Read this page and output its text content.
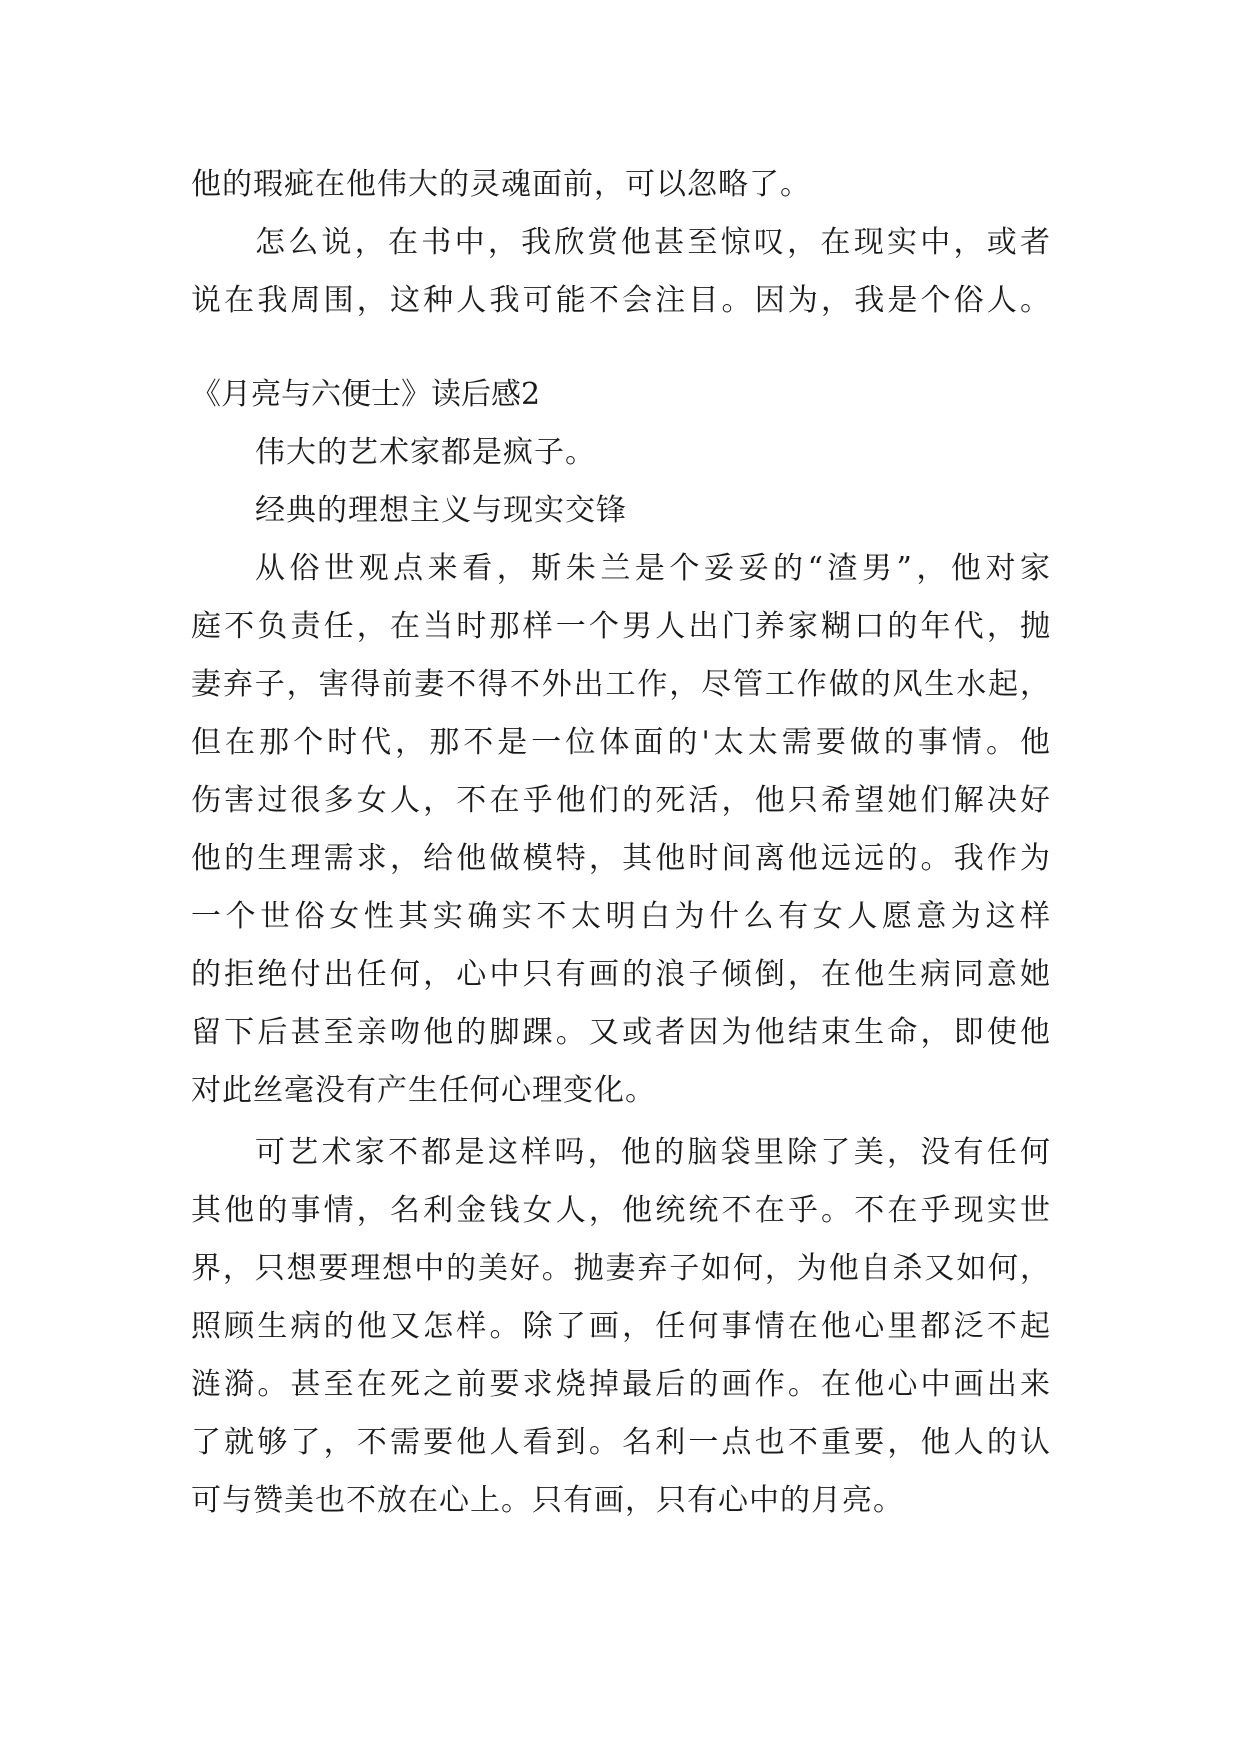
他的瑕疵在他伟大的灵魂面前，可以忽略了。
怎么说，在书中，我欣赏他甚至惊叹，在现实中，或者
说在我周围，这种人我可能不会注目。因为，我是个俗人。
《月亮与六便士》读后感2
伟大的艺术家都是疯子。
经典的理想主义与现实交锋
从俗世观点来看，斯朱兰是个妥妥的“渣男”，他对家
庭不负责任，在当时那样一个男人出门养家糊口的年代，抛
妻弃子，害得前妻不得不外出工作，尽管工作做的风生水起，
但在那个时代，那不是一位体面的'太太需要做的事情。他
伤害过很多女人，不在乎他们的死活，他只希望她们解决好
他的生理需求，给他做模特，其他时间离他远远的。我作为
一个世俗女性其实确实不太明白为什么有女人愿意为这样
的拒绝付出任何，心中只有画的浪子倾倒，在他生病同意她
留下后甚至亲吻他的脚踝。又或者因为他结束生命，即使他
对此丝毫没有产生任何心理变化。
可艺术家不都是这样吗，他的脑袋里除了美，没有任何
其他的事情，名利金钱女人，他统统不在乎。不在乎现实世
界，只想要理想中的美好。抛妻弃子如何，为他自杀又如何，
照顾生病的他又怎样。除了画，任何事情在他心里都泛不起
涟漪。甚至在死之前要求烧掉最后的画作。在他心中画出来
了就够了，不需要他人看到。名利一点也不重要，他人的认
可与赞美也不放在心上。只有画，只有心中的月亮。
